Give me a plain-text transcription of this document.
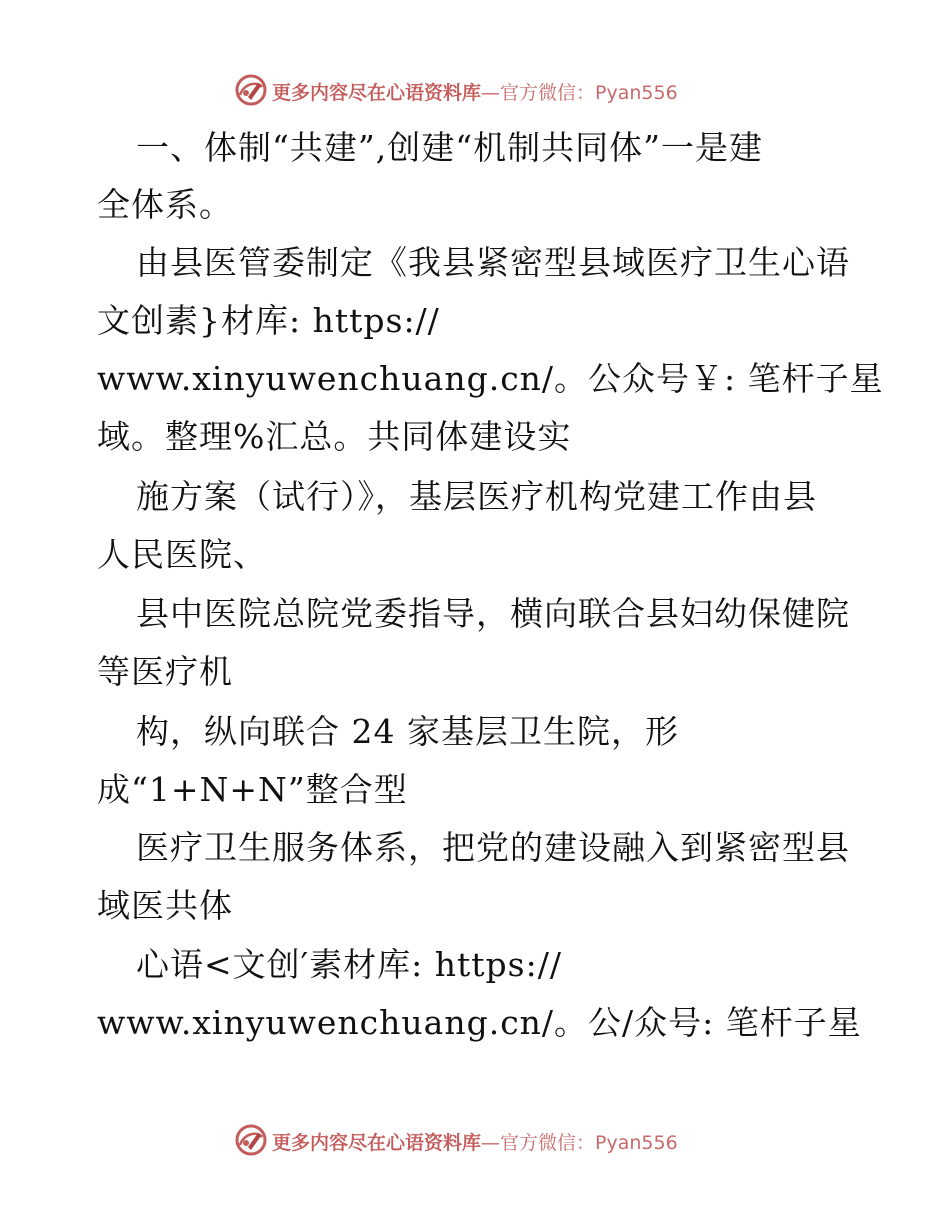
更多内容尽在心语资料库—官方微信：Pyan556
一、体制“共建”,创建“机制共同体”一是建
全体系。
由县医管委制定《我县紧密型县域医疗卫生心语
文创素}材库: https://
www.xinyuwenchuang.cn/。公众号￥: 笔杆子星
域。整理%汇总。共同体建设实
施方案（试行）》，基层医疗机构党建工作由县
人民医院、
县中医院总院党委指导，横向联合县妇幼保健院
等医疗机
构，纵向联合 24 家基层卫生院，形
成“1+N+N”整合型
医疗卫生服务体系，把党的建设融入到紧密型县
域医共体
心语<文创′素材库: https://
www.xinyuwenchuang.cn/。公/众号: 笔杆子星
更多内容尽在心语资料库—官方微信：Pyan556
